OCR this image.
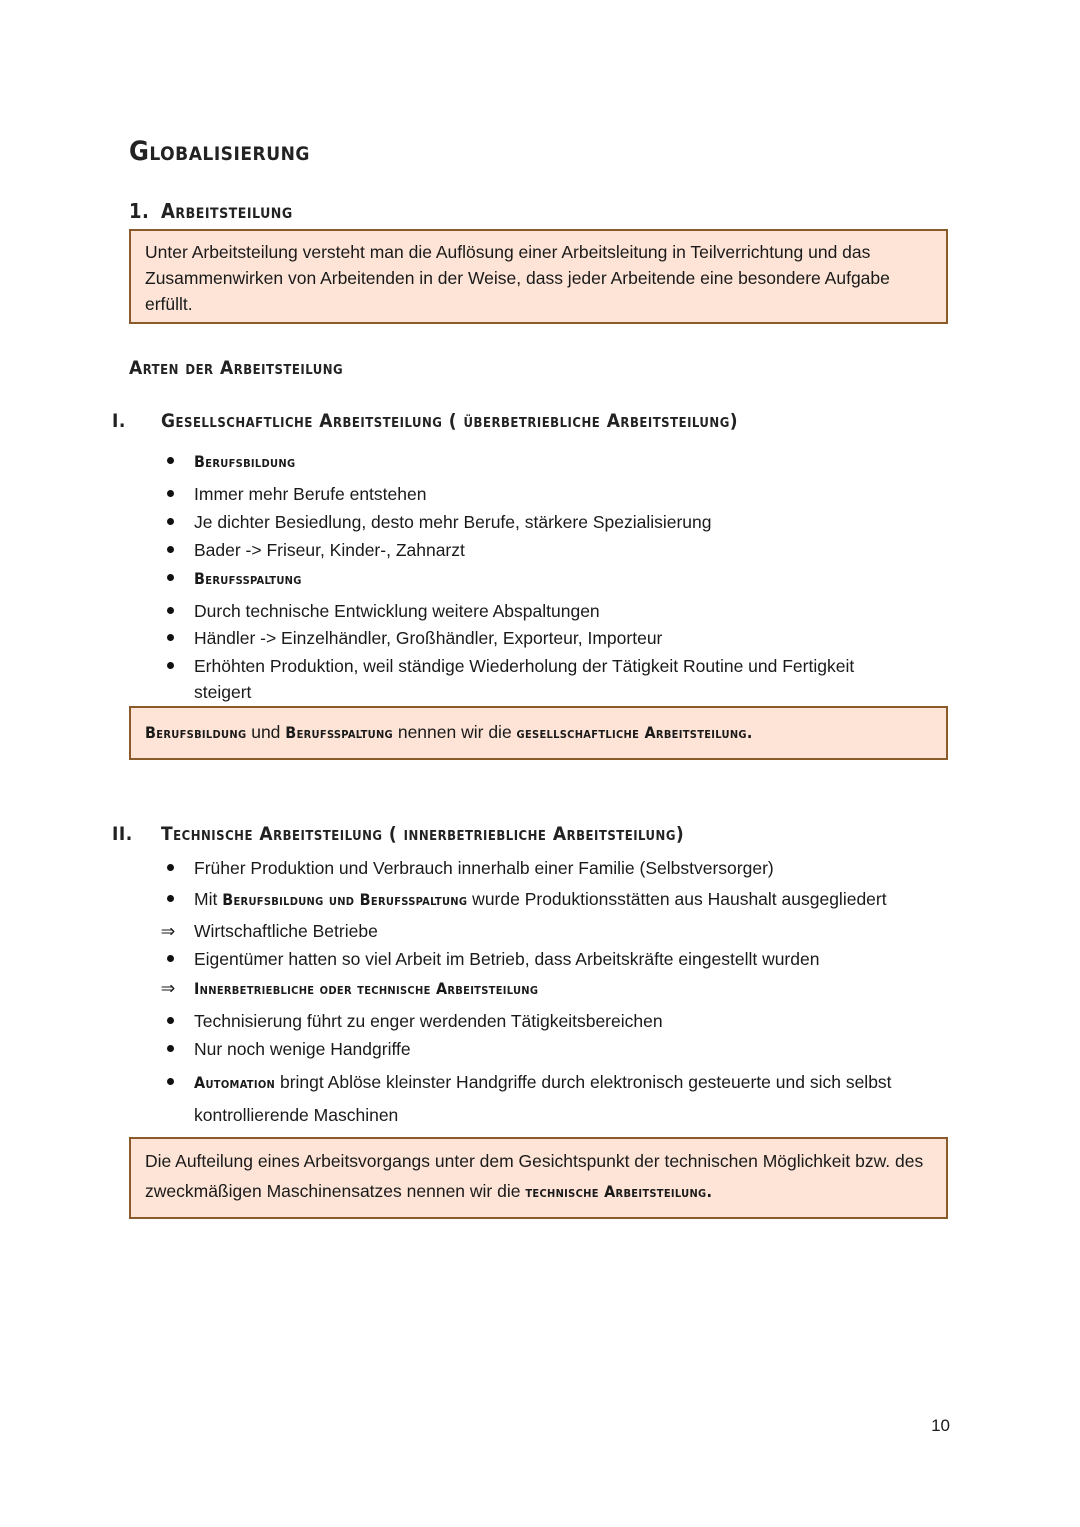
Globalisierung
1. Arbeitsteilung
Unter Arbeitsteilung versteht man die Auflösung einer Arbeitsleitung in Teilverrichtung und das Zusammenwirken von Arbeitenden in der Weise, dass jeder Arbeitende eine besondere Aufgabe erfüllt.
Arten der Arbeitsteilung
I. Gesellschaftliche Arbeitsteilung ( überbetriebliche Arbeitsteilung)
Berufsbildung
Immer mehr Berufe entstehen
Je dichter Besiedlung, desto mehr Berufe, stärkere Spezialisierung
Bader -> Friseur, Kinder-, Zahnarzt
Berufsspaltung
Durch technische Entwicklung weitere Abspaltungen
Händler -> Einzelhändler, Großhändler, Exporteur, Importeur
Erhöhten Produktion, weil ständige Wiederholung der Tätigkeit Routine und Fertigkeit steigert
Berufsbildung und Berufsspaltung nennen wir die gesellschaftliche Arbeitsteilung.
II. Technische Arbeitsteilung ( innerbetriebliche Arbeitsteilung)
Früher Produktion und Verbrauch innerhalb einer Familie (Selbstversorger)
Mit Berufsbildung und Berufsspaltung wurde Produktionsstätten aus Haushalt ausgegliedert
⇒ Wirtschaftliche Betriebe
Eigentümer hatten so viel Arbeit im Betrieb, dass Arbeitskräfte eingestellt wurden
⇒ Innerbetriebliche oder technische Arbeitsteilung
Technisierung führt zu enger werdenden Tätigkeitsbereichen
Nur noch wenige Handgriffe
Automation bringt Ablöse kleinster Handgriffe durch elektronisch gesteuerte und sich selbst kontrollierende Maschinen
Die Aufteilung eines Arbeitsvorgangs unter dem Gesichtspunkt der technischen Möglichkeit bzw. des zweckmäßigen Maschinensatzes nennen wir die technische Arbeitsteilung.
10
